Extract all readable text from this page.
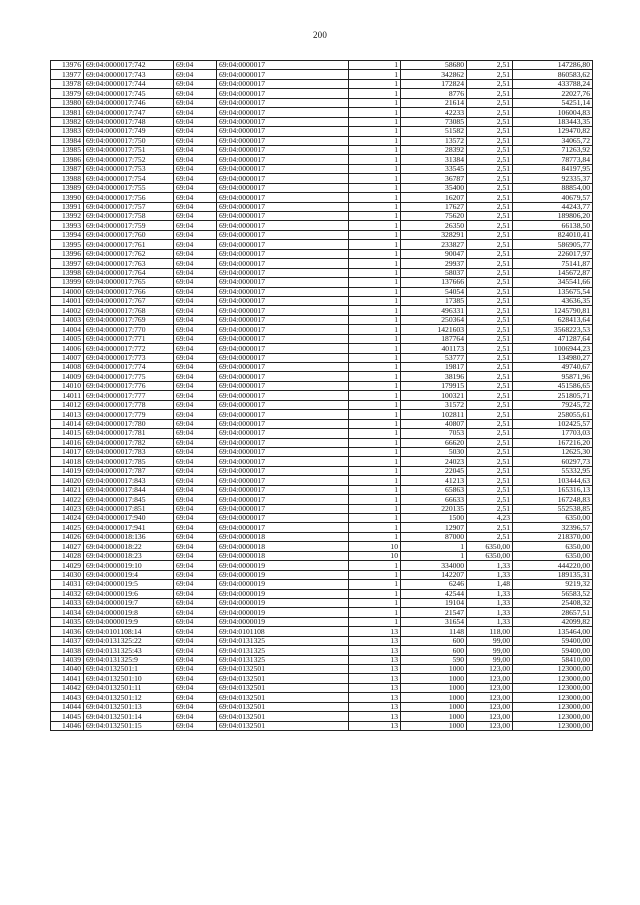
200
13976	69:04:0000017:742	69:04	69:04:0000017	1	58680	2,51	147286,80
13977	69:04:0000017:743	69:04	69:04:0000017	1	342862	2,51	860583,62
13978	69:04:0000017:744	69:04	69:04:0000017	1	172824	2,51	433788,24
13979	69:04:0000017:745	69:04	69:04:0000017	1	8776	2,51	22027,76
13980	69:04:0000017:746	69:04	69:04:0000017	1	21614	2,51	54251,14
13981	69:04:0000017:747	69:04	69:04:0000017	1	42233	2,51	106004,83
13982	69:04:0000017:748	69:04	69:04:0000017	1	73085	2,51	183443,35
13983	69:04:0000017:749	69:04	69:04:0000017	1	51582	2,51	129470,82
13984	69:04:0000017:750	69:04	69:04:0000017	1	13572	2,51	34065,72
13985	69:04:0000017:751	69:04	69:04:0000017	1	28392	2,51	71263,92
13986	69:04:0000017:752	69:04	69:04:0000017	1	31384	2,51	78773,84
13987	69:04:0000017:753	69:04	69:04:0000017	1	33545	2,51	84197,95
13988	69:04:0000017:754	69:04	69:04:0000017	1	36787	2,51	92335,37
13989	69:04:0000017:755	69:04	69:04:0000017	1	35400	2,51	88854,00
13990	69:04:0000017:756	69:04	69:04:0000017	1	16207	2,51	40679,57
13991	69:04:0000017:757	69:04	69:04:0000017	1	17627	2,51	44243,77
13992	69:04:0000017:758	69:04	69:04:0000017	1	75620	2,51	189806,20
13993	69:04:0000017:759	69:04	69:04:0000017	1	26350	2,51	66138,50
13994	69:04:0000017:760	69:04	69:04:0000017	1	328291	2,51	824010,41
13995	69:04:0000017:761	69:04	69:04:0000017	1	233827	2,51	586905,77
13996	69:04:0000017:762	69:04	69:04:0000017	1	90047	2,51	226017,97
13997	69:04:0000017:763	69:04	69:04:0000017	1	29937	2,51	75141,87
13998	69:04:0000017:764	69:04	69:04:0000017	1	58037	2,51	145672,87
13999	69:04:0000017:765	69:04	69:04:0000017	1	137666	2,51	345541,66
14000	69:04:0000017:766	69:04	69:04:0000017	1	54054	2,51	135675,54
14001	69:04:0000017:767	69:04	69:04:0000017	1	17385	2,51	43636,35
14002	69:04:0000017:768	69:04	69:04:0000017	1	496331	2,51	1245790,81
14003	69:04:0000017:769	69:04	69:04:0000017	1	250364	2,51	628413,64
14004	69:04:0000017:770	69:04	69:04:0000017	1	1421603	2,51	3568223,53
14005	69:04:0000017:771	69:04	69:04:0000017	1	187764	2,51	471287,64
14006	69:04:0000017:772	69:04	69:04:0000017	1	401173	2,51	1006944,23
14007	69:04:0000017:773	69:04	69:04:0000017	1	53777	2,51	134980,27
14008	69:04:0000017:774	69:04	69:04:0000017	1	19817	2,51	49740,67
14009	69:04:0000017:775	69:04	69:04:0000017	1	38196	2,51	95871,96
14010	69:04:0000017:776	69:04	69:04:0000017	1	179915	2,51	451586,65
14011	69:04:0000017:777	69:04	69:04:0000017	1	100321	2,51	251805,71
14012	69:04:0000017:778	69:04	69:04:0000017	1	31572	2,51	79245,72
14013	69:04:0000017:779	69:04	69:04:0000017	1	102811	2,51	258055,61
14014	69:04:0000017:780	69:04	69:04:0000017	1	40807	2,51	102425,57
14015	69:04:0000017:781	69:04	69:04:0000017	1	7053	2,51	17703,03
14016	69:04:0000017:782	69:04	69:04:0000017	1	66620	2,51	167216,20
14017	69:04:0000017:783	69:04	69:04:0000017	1	5030	2,51	12625,30
14018	69:04:0000017:785	69:04	69:04:0000017	1	24023	2,51	60297,73
14019	69:04:0000017:787	69:04	69:04:0000017	1	22045	2,51	55332,95
14020	69:04:0000017:843	69:04	69:04:0000017	1	41213	2,51	103444,63
14021	69:04:0000017:844	69:04	69:04:0000017	1	65863	2,51	165316,13
14022	69:04:0000017:845	69:04	69:04:0000017	1	66633	2,51	167248,83
14023	69:04:0000017:851	69:04	69:04:0000017	1	220135	2,51	552538,85
14024	69:04:0000017:940	69:04	69:04:0000017	1	1500	4,23	6350,00
14025	69:04:0000017:941	69:04	69:04:0000017	1	12907	2,51	32396,57
14026	69:04:0000018:136	69:04	69:04:0000018	1	87000	2,51	218370,00
14027	69:04:0000018:22	69:04	69:04:0000018	10	1	6350,00	6350,00
14028	69:04:0000018:23	69:04	69:04:0000018	10	1	6350,00	6350,00
14029	69:04:0000019:10	69:04	69:04:0000019	1	334000	1,33	444220,00
14030	69:04:0000019:4	69:04	69:04:0000019	1	142207	1,33	189135,31
14031	69:04:0000019:5	69:04	69:04:0000019	1	6246	1,48	9219,32
14032	69:04:0000019:6	69:04	69:04:0000019	1	42544	1,33	56583,52
14033	69:04:0000019:7	69:04	69:04:0000019	1	19104	1,33	25408,32
14034	69:04:0000019:8	69:04	69:04:0000019	1	21547	1,33	28657,51
14035	69:04:0000019:9	69:04	69:04:0000019	1	31654	1,33	42099,82
14036	69:04:0101108:14	69:04	69:04:0101108	13	1148	118,00	135464,00
14037	69:04:0131325:22	69:04	69:04:0131325	13	600	99,00	59400,00
14038	69:04:0131325:43	69:04	69:04:0131325	13	600	99,00	59400,00
14039	69:04:0131325:9	69:04	69:04:0131325	13	590	99,00	58410,00
14040	69:04:0132501:1	69:04	69:04:0132501	13	1000	123,00	123000,00
14041	69:04:0132501:10	69:04	69:04:0132501	13	1000	123,00	123000,00
14042	69:04:0132501:11	69:04	69:04:0132501	13	1000	123,00	123000,00
14043	69:04:0132501:12	69:04	69:04:0132501	13	1000	123,00	123000,00
14044	69:04:0132501:13	69:04	69:04:0132501	13	1000	123,00	123000,00
14045	69:04:0132501:14	69:04	69:04:0132501	13	1000	123,00	123000,00
14046	69:04:0132501:15	69:04	69:04:0132501	13	1000	123,00	123000,00
